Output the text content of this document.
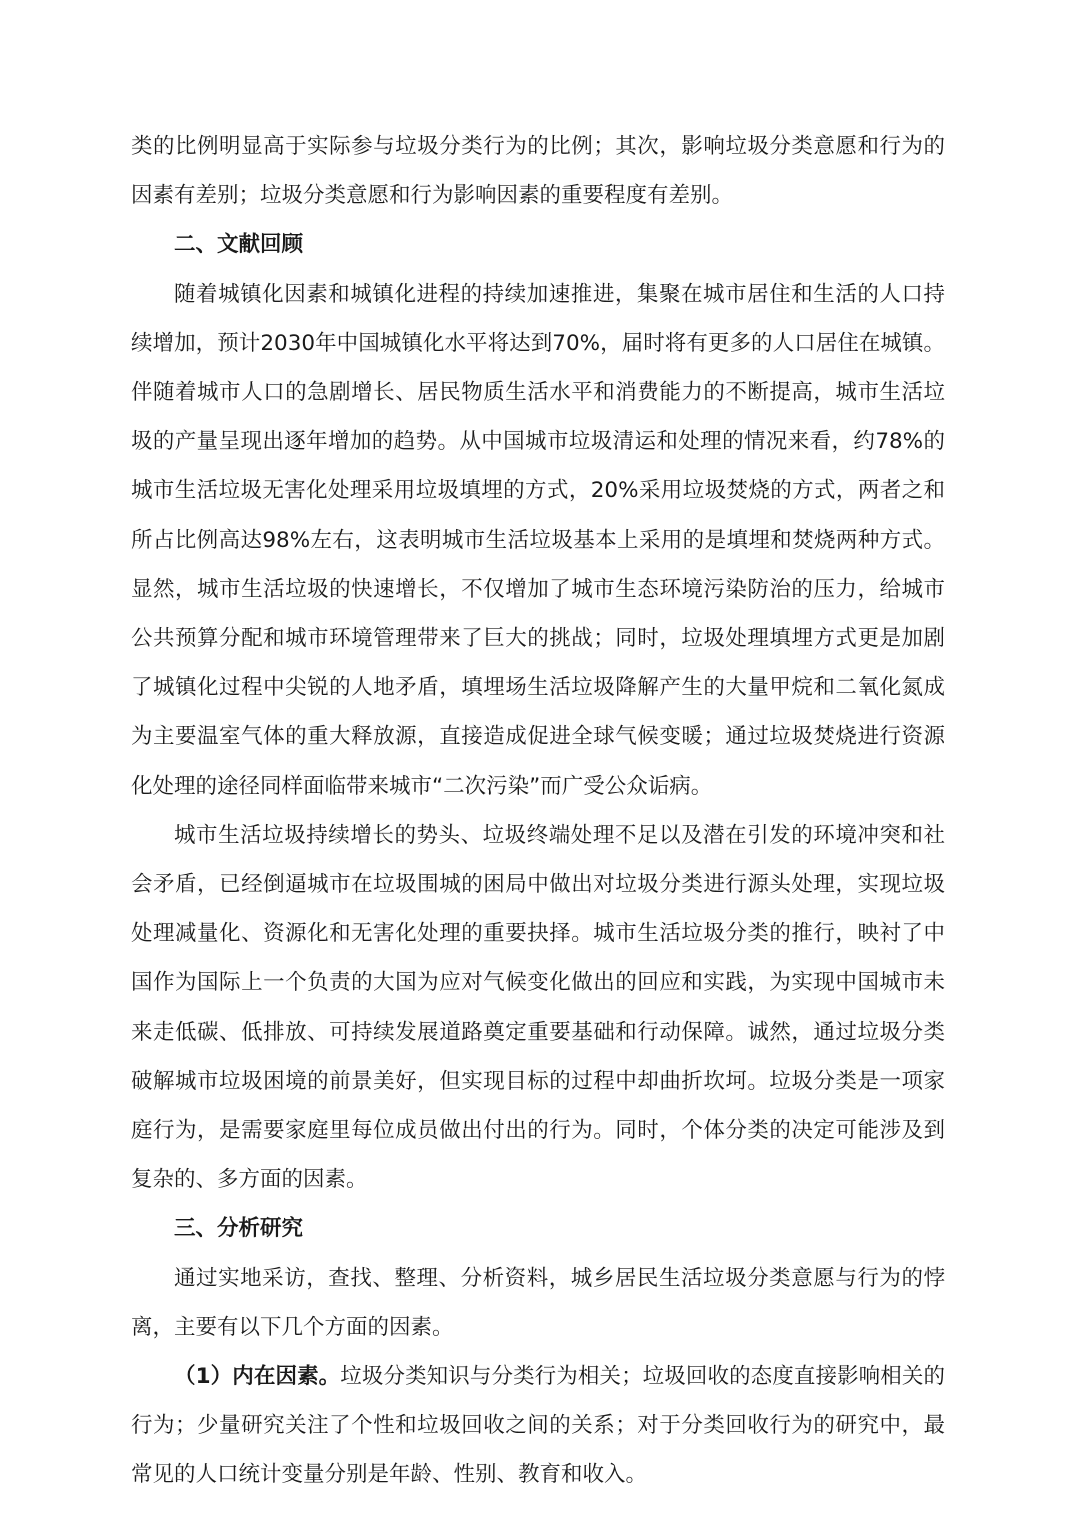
类的比例明显高于实际参与垃圾分类行为的比例；其次，影响垃圾分类意愿和行为的因素有差别；垃圾分类意愿和行为影响因素的重要程度有差别。

二、文献回顾

随着城镇化因素和城镇化进程的持续加速推进，集聚在城市居住和生活的人口持续增加，预计2030年中国城镇化水平将达到70%，届时将有更多的人口居住在城镇。伴随着城市人口的急剧增长、居民物质生活水平和消费能力的不断提高，城市生活垃圾的产量呈现出逐年增加的趋势。从中国城市垃圾清运和处理的情况来看，约78%的城市生活垃圾无害化处理采用垃圾填埋的方式，20%采用垃圾焚烧的方式，两者之和所占比例高达98%左右，这表明城市生活垃圾基本上采用的是填埋和焚烧两种方式。显然，城市生活垃圾的快速增长，不仅增加了城市生态环境污染防治的压力，给城市公共预算分配和城市环境管理带来了巨大的挑战；同时，垃圾处理填埋方式更是加剧了城镇化过程中尖锐的人地矛盾，填埋场生活垃圾降解产生的大量甲烷和二氧化氮成为主要温室气体的重大释放源，直接造成促进全球气候变暖；通过垃圾焚烧进行资源化处理的途径同样面临带来城市“二次污染”而广受公众诟病。

城市生活垃圾持续增长的势头、垃圾终端处理不足以及潜在引发的环境冲突和社会矛盾，已经倒逼城市在垃圾围城的困局中做出对垃圾分类进行源头处理，实现垃圾处理减量化、资源化和无害化处理的重要抉择。城市生活垃圾分类的推行，映衬了中国作为国际上一个负责的大国为应对气候变化做出的回应和实践，为实现中国城市未来走低碳、低排放、可持续发展道路奠定重要基础和行动保障。诚然，通过垃圾分类破解城市垃圾困境的前景美好，但实现目标的过程中却曲折坎坷。垃圾分类是一项家庭行为，是需要家庭里每位成员做出付出的行为。同时，个体分类的决定可能涉及到复杂的、多方面的因素。

三、分析研究

通过实地采访，查找、整理、分析资料，城乡居民生活垃圾分类意愿与行为的悖离，主要有以下几个方面的因素。

（1）内在因素。垃圾分类知识与分类行为相关；垃圾回收的态度直接影响相关的行为；少量研究关注了个性和垃圾回收之间的关系；对于分类回收行为的研究中，最常见的人口统计变量分别是年龄、性别、教育和收入。
